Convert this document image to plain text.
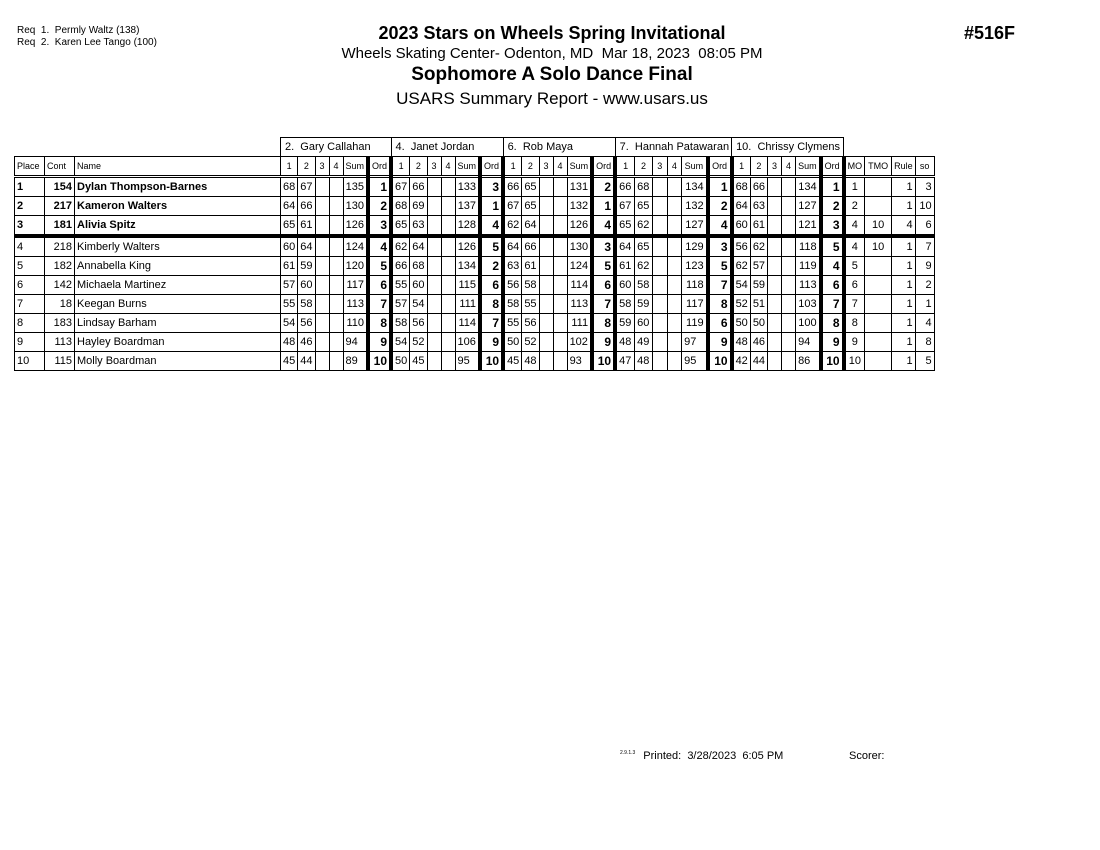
Req  1.  Permly Waltz (138)
Req  2.  Karen Lee Tango (100)	2023 Stars on Wheels Spring Invitational
Wheels Skating Center- Odenton, MD  Mar 18, 2023  08:05 PM
Sophomore A Solo Dance Final
USARS Summary Report - www.usars.us
#516F
			2.  Gary Callahan						4.  Janet Jordan						6.  Rob Maya						7.  Hannah Patawaran						10.  Chrissy Clymens									
Place	Cont	Name	1	2	3	4	Sum	Ord	1	2	3	4	Sum	Ord	1	2	3	4	Sum	Ord	1	2	3	4	Sum	Ord	1	2	3	4	Sum	Ord	MO	TMO	Rule	so
1	154	Dylan Thompson-Barnes	68	67			135	1	67	66			133	3	66	65			131	2	66	68			134	1	68	66			134	1	1		1	3
2	217	Kameron Walters	64	66			130	2	68	69			137	1	67	65			132	1	67	65			132	2	64	63			127	2	2		1	10
3	181	Alivia Spitz	65	61			126	3	65	63			128	4	62	64			126	4	65	62			127	4	60	61			121	3	4	10	4	6
4	218	Kimberly Walters	60	64			124	4	62	64			126	5	64	66			130	3	64	65			129	3	56	62			118	5	4	10	1	7
5	182	Annabella King	61	59			120	5	66	68			134	2	63	61			124	5	61	62			123	5	62	57			119	4	5		1	9
6	142	Michaela Martinez	57	60			117	6	55	60			115	6	56	58			114	6	60	58			118	7	54	59			113	6	6		1	2
7	18	Keegan Burns	55	58			113	7	57	54			111	8	58	55			113	7	58	59			117	8	52	51			103	7	7		1	1
8	183	Lindsay Barham	54	56			110	8	58	56			114	7	55	56			111	8	59	60			119	6	50	50			100	8	8		1	4
9	113	Hayley Boardman	48	46			94	9	54	52			106	9	50	52			102	9	48	49			97	9	48	46			94	9	9		1	8
10	115	Molly Boardman	45	44			89	10	50	45			95	10	45	48			93	10	47	48			95	10	42	44			86	10	10		1	5
$^{2.9.1.3}$ Printed:  3/28/2023  6:05 PM	Scorer:
